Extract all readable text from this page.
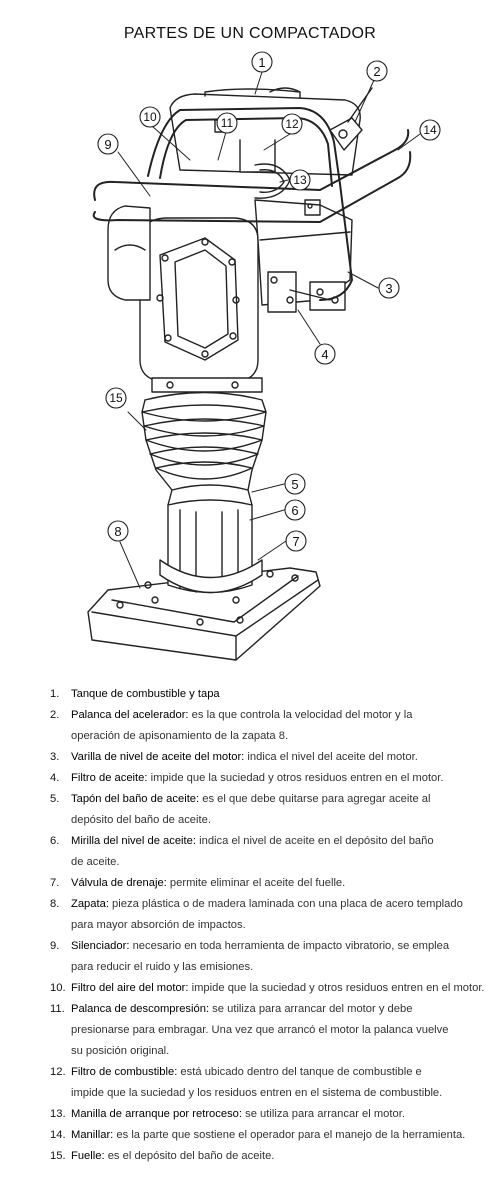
PARTES DE UN COMPACTADOR
1
2
3
4
5
6
7
8
9
10	11	12
13
14
15
1. Tanque de combustible y tapa
2. Palanca del acelerador: es la que controla la velocidad del motor y la
operación de apisonamiento de la zapata 8.
3. Varilla de nivel de aceite del motor: indica el nivel del aceite del motor.
4. Filtro de aceite: impide que la suciedad y otros residuos entren en el motor.
5. Tapón del baño de aceite: es el que debe quitarse para agregar aceite al
depósito del baño de aceite.
6. Mirilla del nivel de aceite: indica el nivel de aceite en el depósito del baño
de aceite.
7. Válvula de drenaje: permite eliminar el aceite del fuelle.
8. Zapata: pieza plástica o de madera laminada con una placa de acero templado
para mayor absorción de impactos.
9. Silenciador: necesario en toda herramienta de impacto vibratorio, se emplea
para reducir el ruido y las emisiones.
10. Filtro del aire del motor: impide que la suciedad y otros residuos entren en el motor.
11. Palanca de descompresión: se utiliza para arrancar del motor y debe
presionarse para embragar. Una vez que arrancó el motor la palanca vuelve
su posición original.
12. Filtro de combustible: está ubicado dentro del tanque de combustible e
impide que la suciedad y los residuos entren en el sistema de combustible.
13. Manilla de arranque por retroceso: se utiliza para arrancar el motor.
14. Manillar: es la parte que sostiene el operador para el manejo de la herramienta.
15. Fuelle: es el depósito del baño de aceite.
